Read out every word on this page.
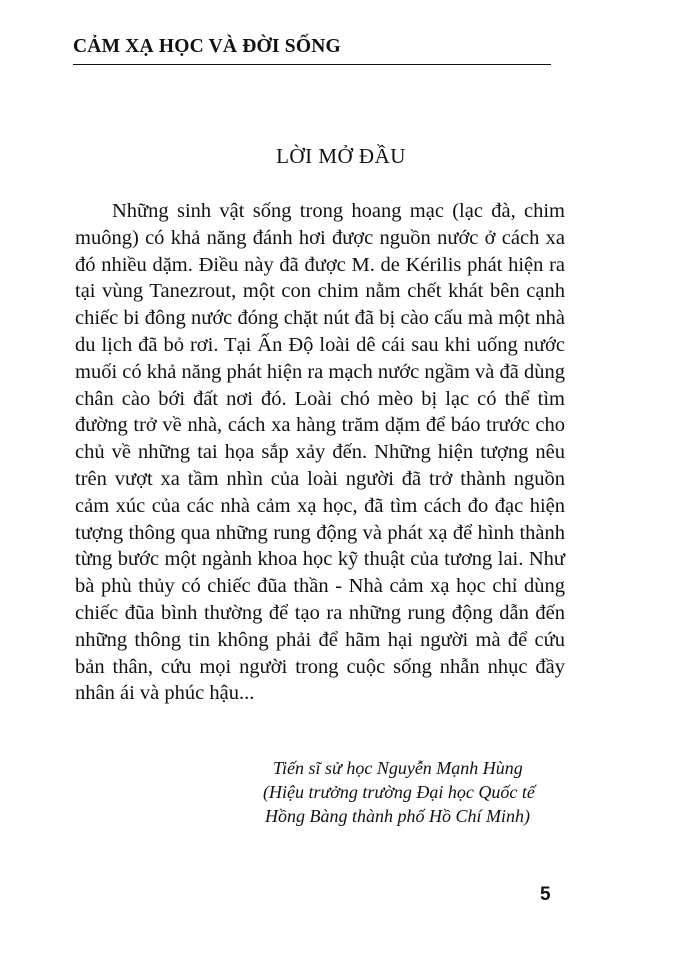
CẢM XẠ HỌC VÀ ĐỜI SỐNG
LỜI MỞ ĐẦU

Những sinh vật sống trong hoang mạc (lạc đà, chim muông) có khả năng đánh hơi được nguồn nước ở cách xa đó nhiều dặm. Điều này đã được M. de Kérilis phát hiện ra tại vùng Tanezrout, một con chim nằm chết khát bên cạnh chiếc bi đông nước đóng chặt nút đã bị cào cấu mà một nhà du lịch đã bỏ rơi. Tại Ấn Độ loài dê cái sau khi uống nước muối có khả năng phát hiện ra mạch nước ngầm và đã dùng chân cào bới đất nơi đó. Loài chó mèo bị lạc có thể tìm đường trở về nhà, cách xa hàng trăm dặm để báo trước cho chủ về những tai họa sắp xảy đến. Những hiện tượng nêu trên vượt xa tầm nhìn của loài người đã trở thành nguồn cảm xúc của các nhà cảm xạ học, đã tìm cách đo đạc hiện tượng thông qua những rung động và phát xạ để hình thành từng bước một ngành khoa học kỹ thuật của tương lai. Như bà phù thủy có chiếc đũa thần - Nhà cảm xạ học chỉ dùng chiếc đũa bình thường để tạo ra những rung động dẫn đến những thông tin không phải để hãm hại người mà để cứu bản thân, cứu mọi người trong cuộc sống nhẫn nhục đầy nhân ái và phúc hậu...

Tiến sĩ sử học Nguyễn Mạnh Hùng
(Hiệu trưởng trường Đại học Quốc tế
Hồng Bàng thành phố Hồ Chí Minh)
5
